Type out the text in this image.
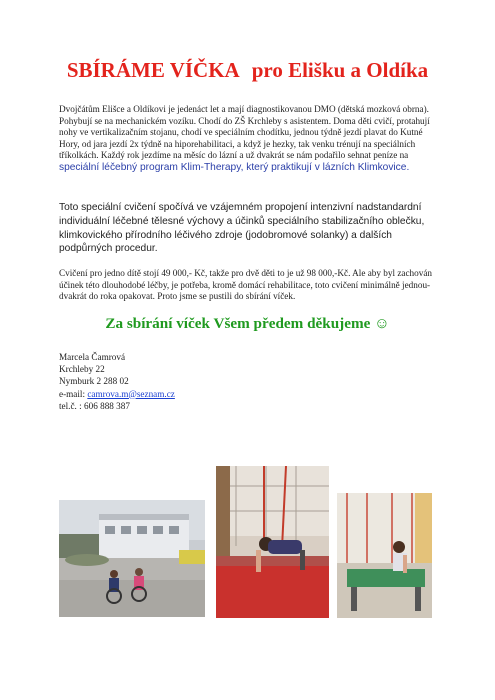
SBÍRÁME VÍČKA pro Elišku a Oldíka
Dvojčátům Elišce a Oldíkovi je jedenáct let a mají diagnostikovanou DMO (dětská mozková obrna). Pohybují se na mechanickém vozíku. Chodí do ZŠ Krchleby s asistentem. Doma děti cvičí, protahují nohy ve vertikalizačním stojanu, chodí ve speciálním chodítku, jednou týdně jezdí plavat do Kutné Hory, od jara jezdí 2x týdně na hiporehabilitaci, a když je hezky, tak venku trénují na speciálních tříkolkách. Každý rok jezdíme na měsíc do lázní a už dvakrát se nám podařilo sehnat peníze na speciální léčebný program Klim-Therapy, který praktikují v lázních Klimkovice.
Toto speciální cvičení spočívá ve vzájemném propojení intenzivní nadstandardní individuální léčebné tělesné výchovy a účinků speciálního stabilizačního oblečku, klimkovického přírodního léčivého zdroje (jodobromové solanky) a dalších podpůrných procedur.
Cvičení pro jedno dítě stojí 49 000,- Kč, takže pro dvě děti to je už 98 000,-Kč. Ale aby byl zachován účinek této dlouhodobé léčby, je potřeba, kromě domácí rehabilitace, toto cvičení minimálně jednou-dvakrát do roka opakovat. Proto jsme se pustili do sbírání víček.
Za sbírání víček Všem předem děkujeme ☺
Marcela Čamrová
Krchleby 22
Nymburk 2 288 02
e-mail: camrova.m@seznam.cz
tel.č. : 606 888 387
